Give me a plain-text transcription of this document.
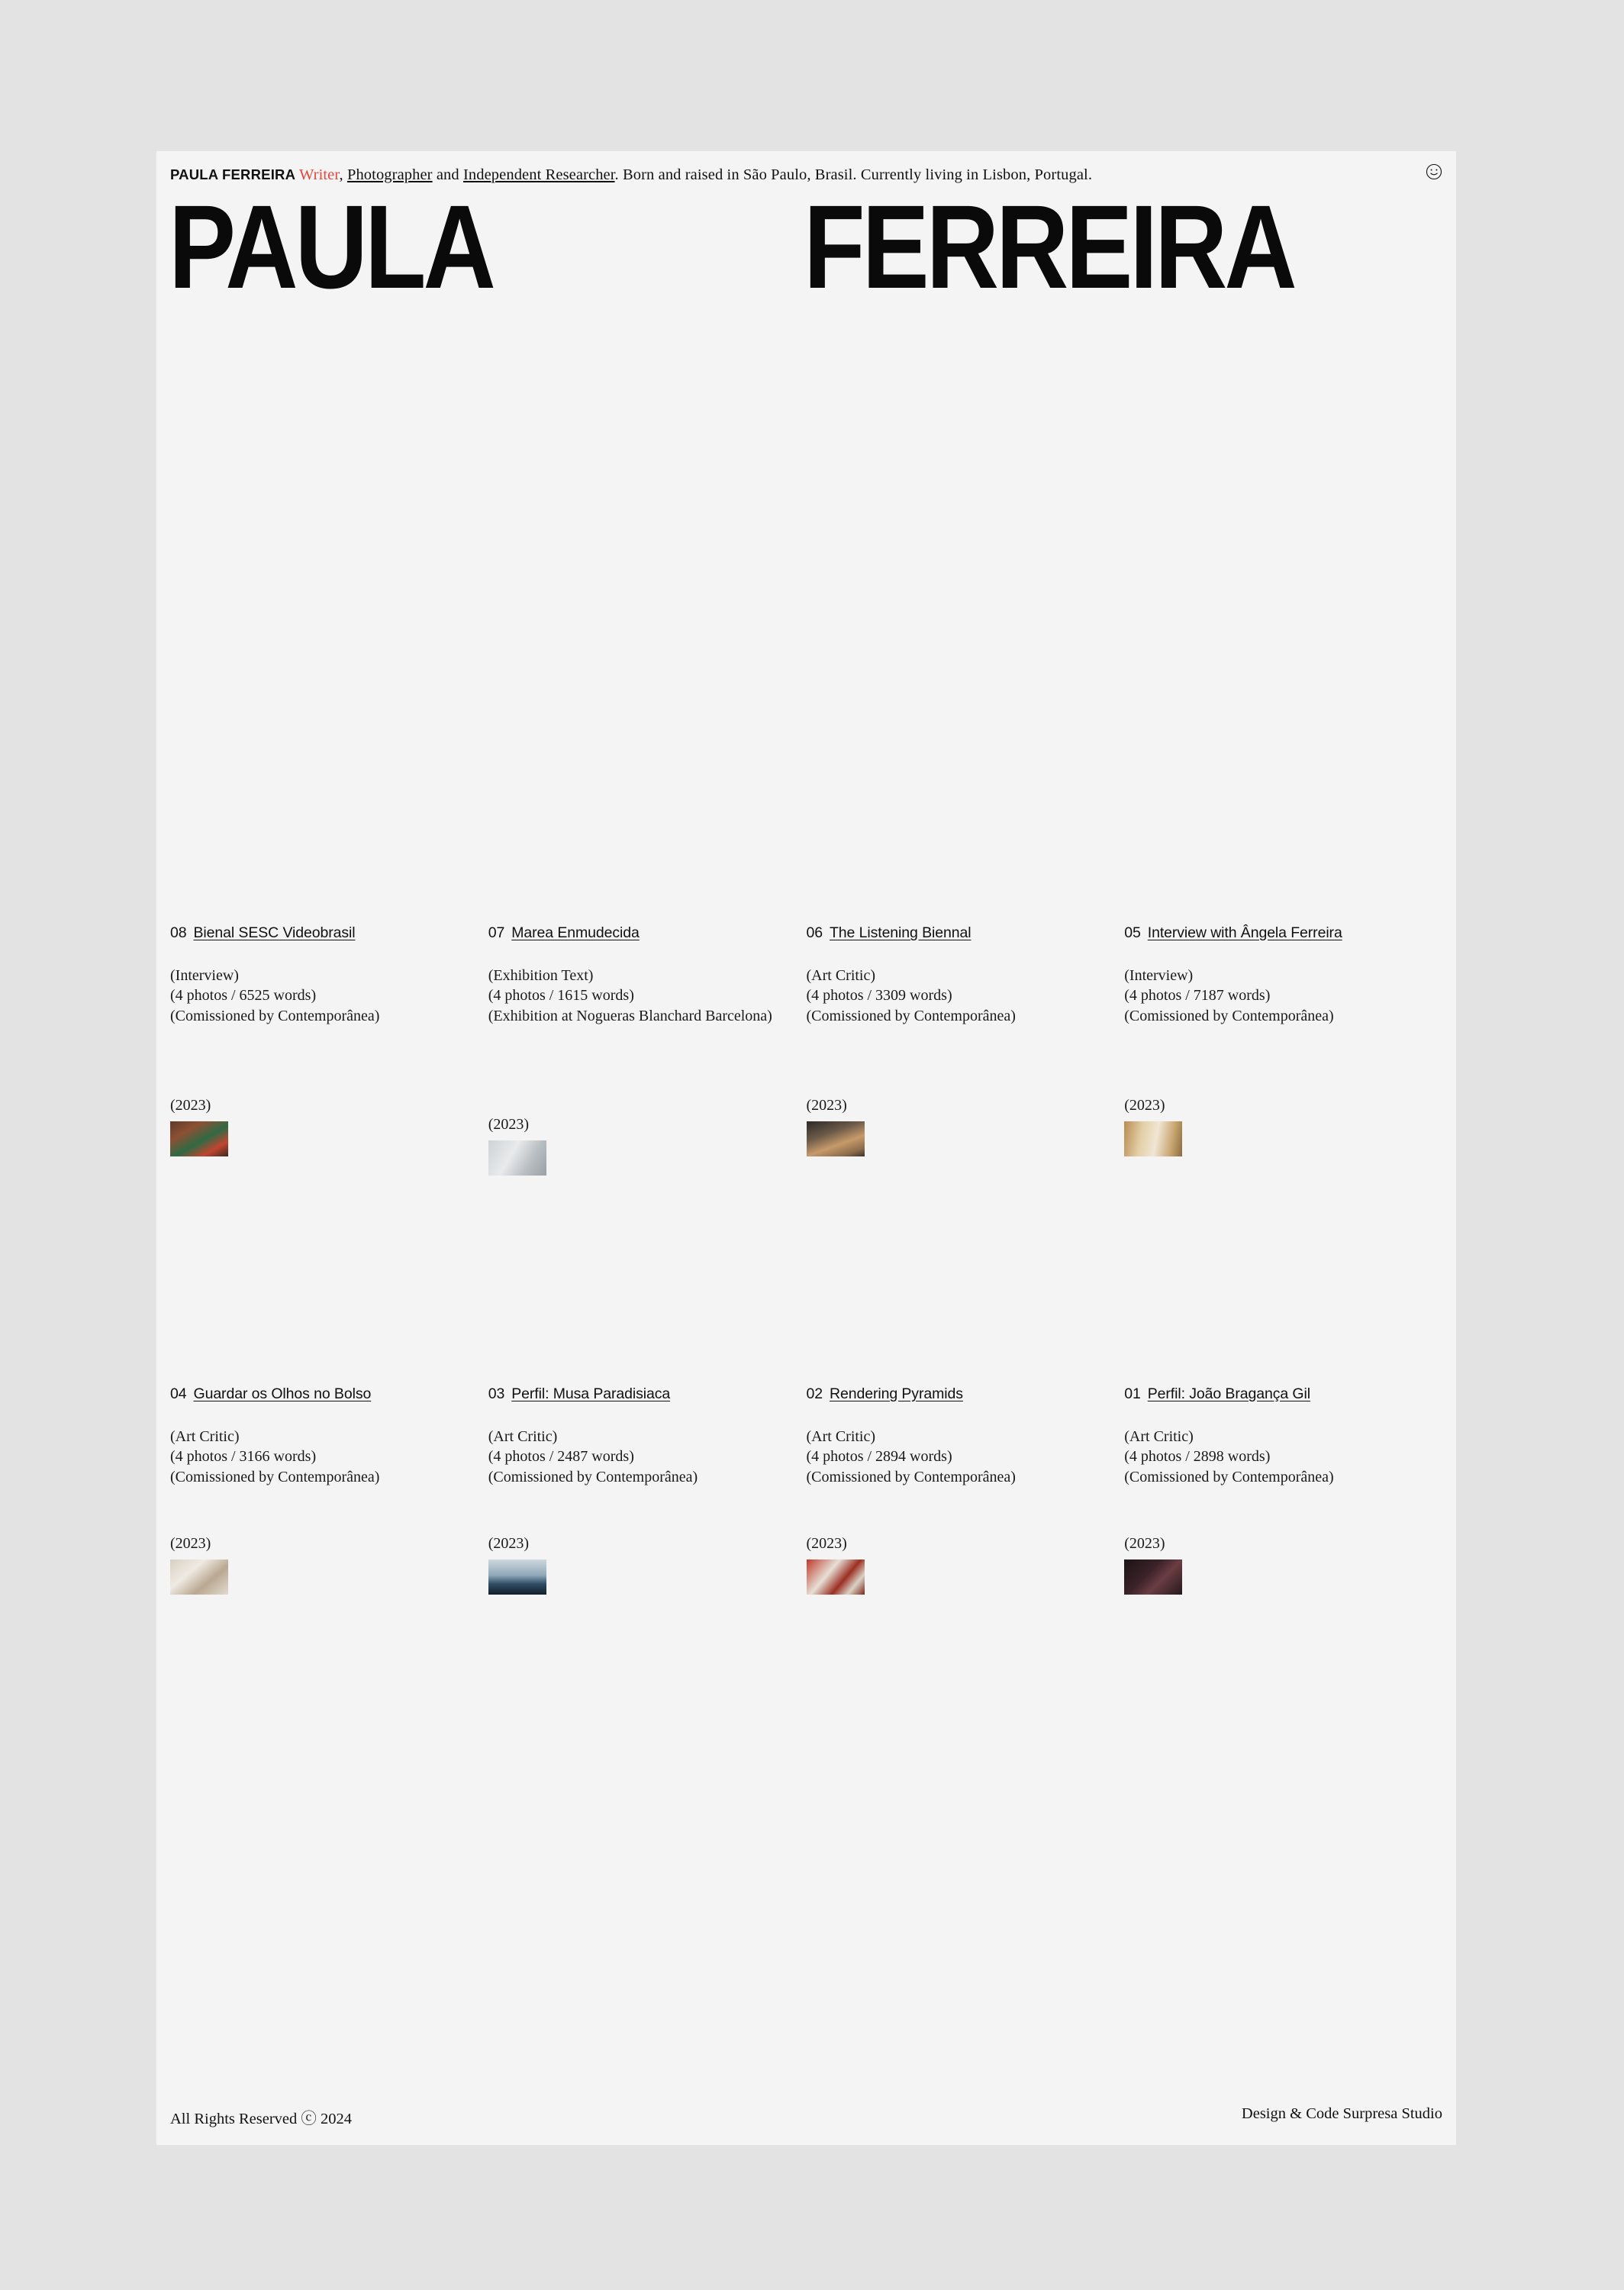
PAULA FERREIRA Writer, Photographer and Independent Researcher. Born and raised in São Paulo, Brasil. Currently living in Lisbon, Portugal.
PAULA	FERREIRA
08 Bienal SESC Videobrasil
(Interview)
(4 photos / 6525 words)
(Comissioned by Contemporânea)
(2023)
07 Marea Enmudecida
(Exhibition Text)
(4 photos / 1615 words)
(Exhibition at Nogueras Blanchard Barcelona)
(2023)
06 The Listening Biennal
(Art Critic)
(4 photos / 3309 words)
(Comissioned by Contemporânea)
(2023)
05 Interview with Ângela Ferreira
(Interview)
(4 photos / 7187 words)
(Comissioned by Contemporânea)
(2023)
04 Guardar os Olhos no Bolso
(Art Critic)
(4 photos / 3166 words)
(Comissioned by Contemporânea)
(2023)
03 Perfil: Musa Paradisiaca
(Art Critic)
(4 photos / 2487 words)
(Comissioned by Contemporânea)
(2023)
02 Rendering Pyramids
(Art Critic)
(4 photos / 2894 words)
(Comissioned by Contemporânea)
(2023)
01 Perfil: João Bragança Gil
(Art Critic)
(4 photos / 2898 words)
(Comissioned by Contemporânea)
(2023)
All Rights Reserved ⓒ 2024	Design & Code Surpresa Studio
